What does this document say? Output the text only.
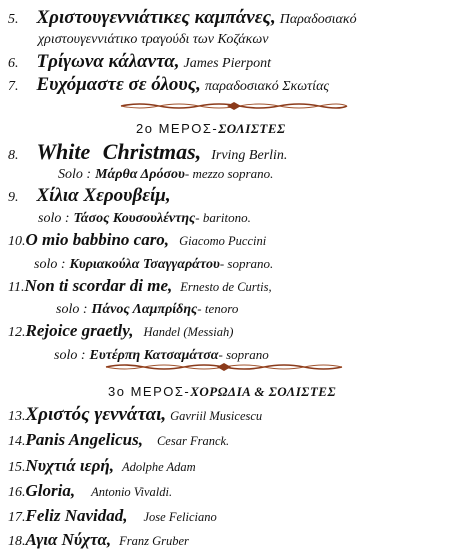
5. Χριστουγεννιάτικες καμπάνες, Παραδοσιακό
χριστουγεννιάτικο τραγούδι των Κοζάκων
6. Τρίγωνα κάλαντα, James Pierpont
7. Ευχόμαστε σε όλους, παραδοσιακό Σκωτίας
2ο ΜΕΡΟΣ-ΣΟΛΙΣΤΕΣ
8. White Christmas, Irving Berlin.
Solo : Μάρθα Δρόσου- mezzo soprano.
9. Χίλια Χερουβείμ,
solo : Τάσος Κουσουλέντης- baritono.
10.O mio babbino caro, Giacomo Puccini
solo : Κυριακούλα Τσαγγαράτου- soprano.
11.Non ti scordar di me, Ernesto de Curtis,
solo : Πάνος Λαμπρίδης- tenoro
12.Rejoice graetly, Handel (Messiah)
solo : Ευτέρπη Κατσαμάτσα- soprano
3ο ΜΕΡΟΣ-ΧΟΡΩΔΙΑ & ΣΟΛΙΣΤΕΣ
13.Χριστός γεννάται, Gavriil Musicescu
14.Panis Angelicus, Cesar Franck.
15.Νυχτιά ιερή, Adolphe Adam
16.Gloria, Antonio Vivaldi.
17.Feliz Navidad, Jose Feliciano
18.Αγια Νύχτα, Franz Gruber
